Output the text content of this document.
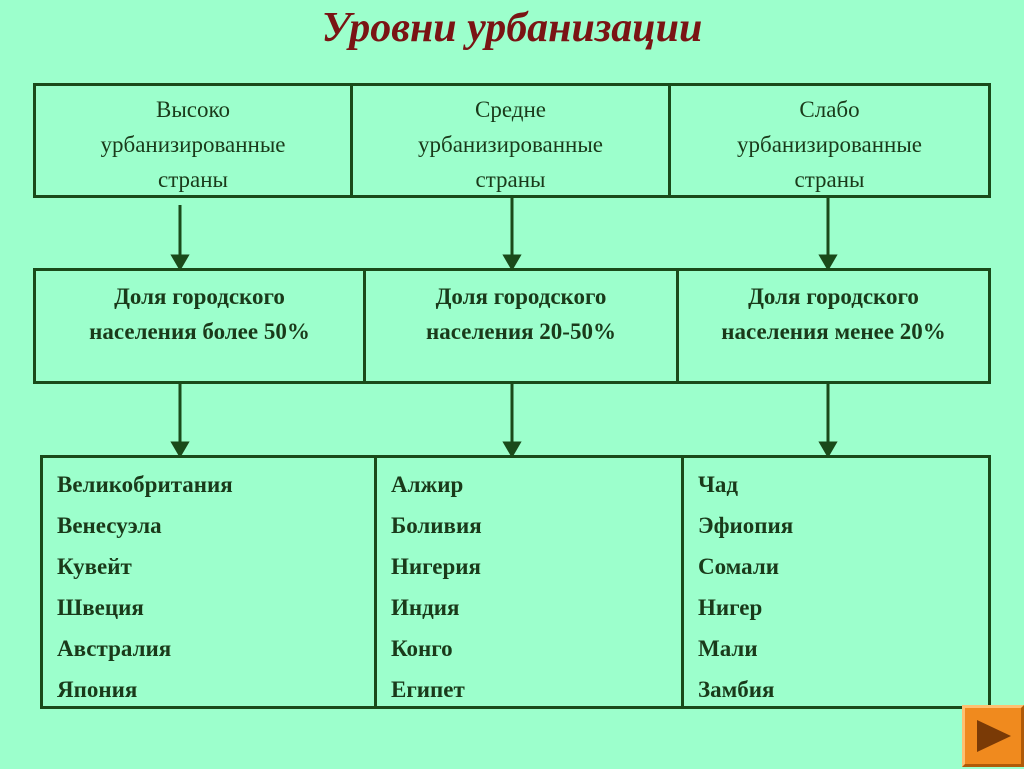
Уровни урбанизации
Высоко
урбанизированные
страны
Средне
урбанизированные
страны
Слабо
урбанизированные
страны
Доля городского
населения более 50%
Доля городского
населения 20-50%
Доля городского
населения менее 20%
Великобритания
Венесуэла
Кувейт
Швеция
Австралия
Япония
Алжир
Боливия
Нигерия
Индия
Конго
Египет
Чад
Эфиопия
Сомали
Нигер
Мали
Замбия
